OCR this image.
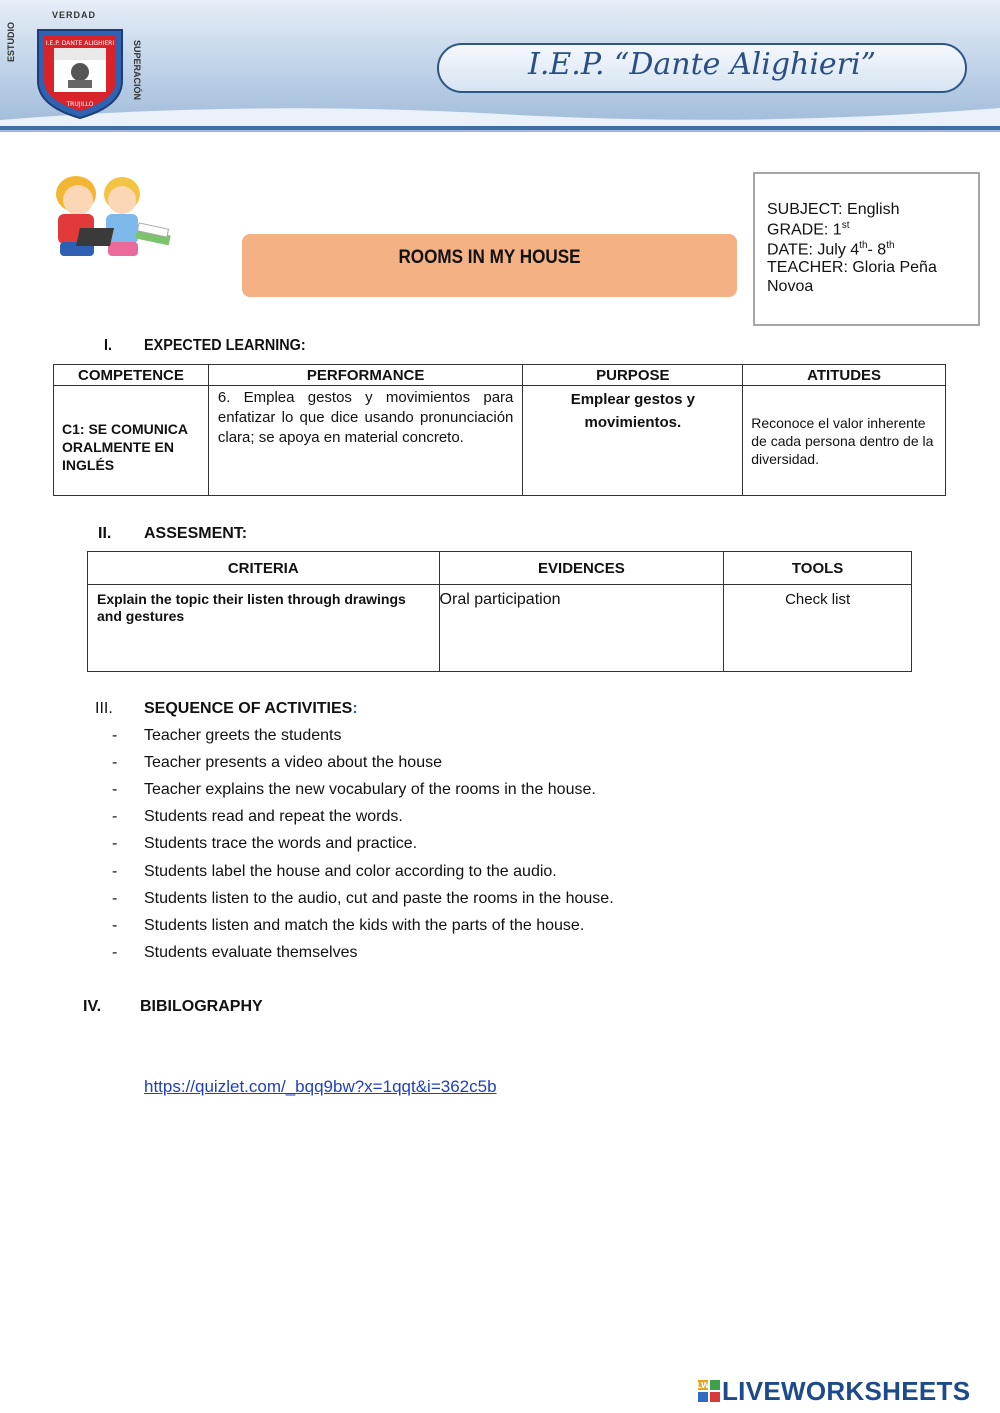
VERDAD
ESTUDIO	SUPERACIÓN
I.E.P. DANTE ALIGHIERI
TRUJILLO
I.E.P. “Dante Alighieri”
ROOMS IN MY HOUSE
SUBJECT: English
GRADE: 1st
DATE: July 4th- 8th
TEACHER: Gloria Peña
Novoa
I. EXPECTED LEARNING:
COMPETENCE	PERFORMANCE	PURPOSE	ATITUDES
C1: SE COMUNICA ORALMENTE EN INGLÉS	6. Emplea gestos y movimientos para enfatizar lo que dice usando pronunciación clara; se apoya en material concreto.	Emplear gestos y movimientos.	Reconoce el valor inherente de cada persona dentro de la diversidad.
II. ASSESMENT:
CRITERIA	EVIDENCES	TOOLS
Explain the topic their listen through drawings and gestures	Oral participation	Check list
III. SEQUENCE OF ACTIVITIES:
- Teacher greets the students
- Teacher presents a video about the house
- Teacher explains the new vocabulary of the rooms in the house.
- Students read and repeat the words.
- Students trace the words and practice.
- Students label the house and color according to the audio.
- Students listen to the audio, cut and paste the rooms in the house.
- Students listen and match the kids with the parts of the house.
- Students evaluate themselves
IV. BIBILOGRAPHY
https://quizlet.com/_bqq9bw?x=1qqt&i=362c5b
LW LIVEWORKSHEETS
